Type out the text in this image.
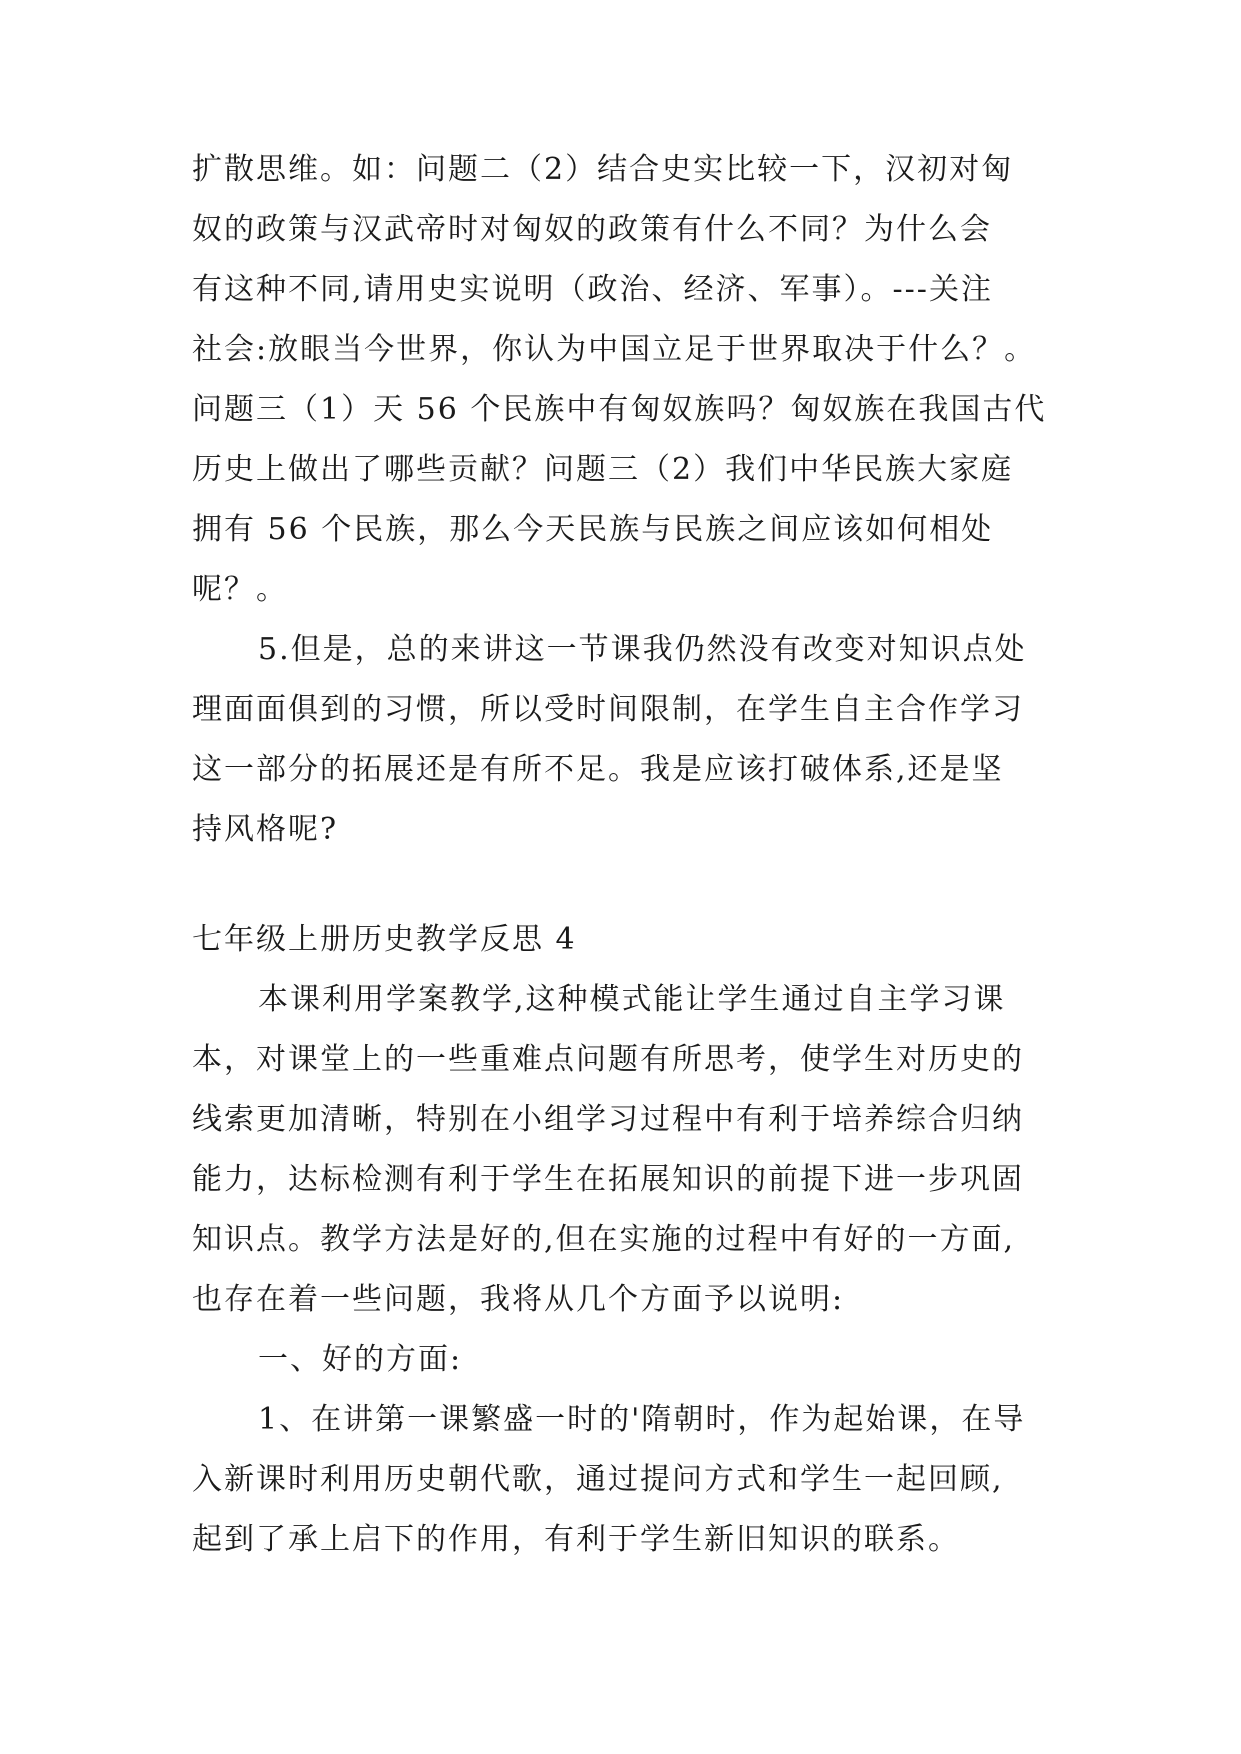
扩散思维。如：问题二（2）结合史实比较一下，汉初对匈
奴的政策与汉武帝时对匈奴的政策有什么不同？为什么会
有这种不同,请用史实说明（政治、经济、军事）。---关注
社会:放眼当今世界，你认为中国立足于世界取决于什么？。
问题三（1）天 56 个民族中有匈奴族吗？匈奴族在我国古代
历史上做出了哪些贡献？问题三（2）我们中华民族大家庭
拥有 56 个民族，那么今天民族与民族之间应该如何相处
呢？。
5.但是，总的来讲这一节课我仍然没有改变对知识点处
理面面俱到的习惯，所以受时间限制，在学生自主合作学习
这一部分的拓展还是有所不足。我是应该打破体系,还是坚
持风格呢?
七年级上册历史教学反思 4
本课利用学案教学,这种模式能让学生通过自主学习课
本，对课堂上的一些重难点问题有所思考，使学生对历史的
线索更加清晰，特别在小组学习过程中有利于培养综合归纳
能力，达标检测有利于学生在拓展知识的前提下进一步巩固
知识点。教学方法是好的,但在实施的过程中有好的一方面,
也存在着一些问题，我将从几个方面予以说明:
一、好的方面:
1、在讲第一课繁盛一时的'隋朝时，作为起始课，在导
入新课时利用历史朝代歌，通过提问方式和学生一起回顾,
起到了承上启下的作用，有利于学生新旧知识的联系。
